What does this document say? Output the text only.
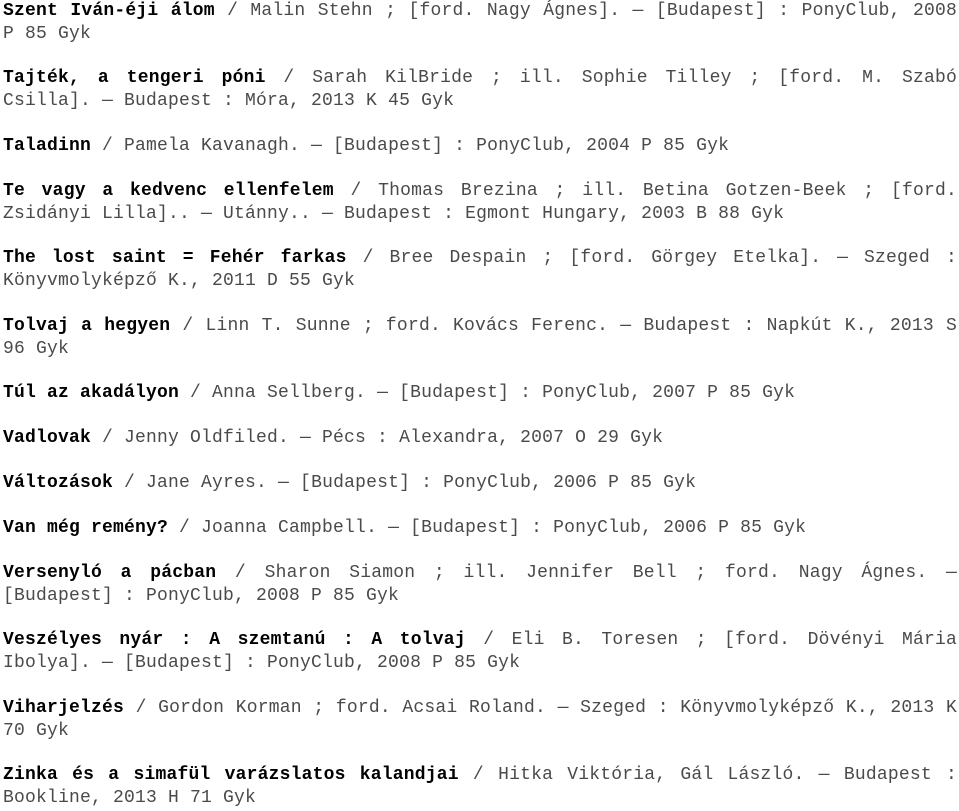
Szent Iván-éji álom / Malin Stehn ; [ford. Nagy Ágnes]. — [Budapest] : PonyClub, 2008 P 85 Gyk

Tajték, a tengeri póni / Sarah KilBride ; ill. Sophie Tilley ; [ford. M. Szabó Csilla]. — Budapest : Móra, 2013 K 45 Gyk

Taladinn / Pamela Kavanagh. — [Budapest] : PonyClub, 2004 P 85 Gyk

Te vagy a kedvenc ellenfelem / Thomas Brezina ; ill. Betina Gotzen-Beek ; [ford. Zsidányi Lilla].. — Utánny.. — Budapest : Egmont Hungary, 2003 B 88 Gyk

The lost saint = Fehér farkas / Bree Despain ; [ford. Görgey Etelka]. — Szeged : Könyvmolyképző K., 2011 D 55 Gyk

Tolvaj a hegyen / Linn T. Sunne ; ford. Kovács Ferenc. — Budapest : Napkút K., 2013 S 96 Gyk

Túl az akadályon / Anna Sellberg. — [Budapest] : PonyClub, 2007 P 85 Gyk

Vadlovak / Jenny Oldfiled. — Pécs : Alexandra, 2007 O 29 Gyk

Változások / Jane Ayres. — [Budapest] : PonyClub, 2006 P 85 Gyk

Van még remény? / Joanna Campbell. — [Budapest] : PonyClub, 2006 P 85 Gyk

Versenyló a pácban / Sharon Siamon ; ill. Jennifer Bell ; ford. Nagy Ágnes. — [Budapest] : PonyClub, 2008 P 85 Gyk

Veszélyes nyár : A szemtanú : A tolvaj / Eli B. Toresen ; [ford. Dövényi Mária Ibolya]. — [Budapest] : PonyClub, 2008 P 85 Gyk

Viharjelzés / Gordon Korman ; ford. Acsai Roland. — Szeged : Könyvmolyképző K., 2013 K 70 Gyk

Zinka és a simafül varázslatos kalandjai / Hitka Viktória, Gál László. — Budapest : Bookline, 2013 H 71 Gyk
